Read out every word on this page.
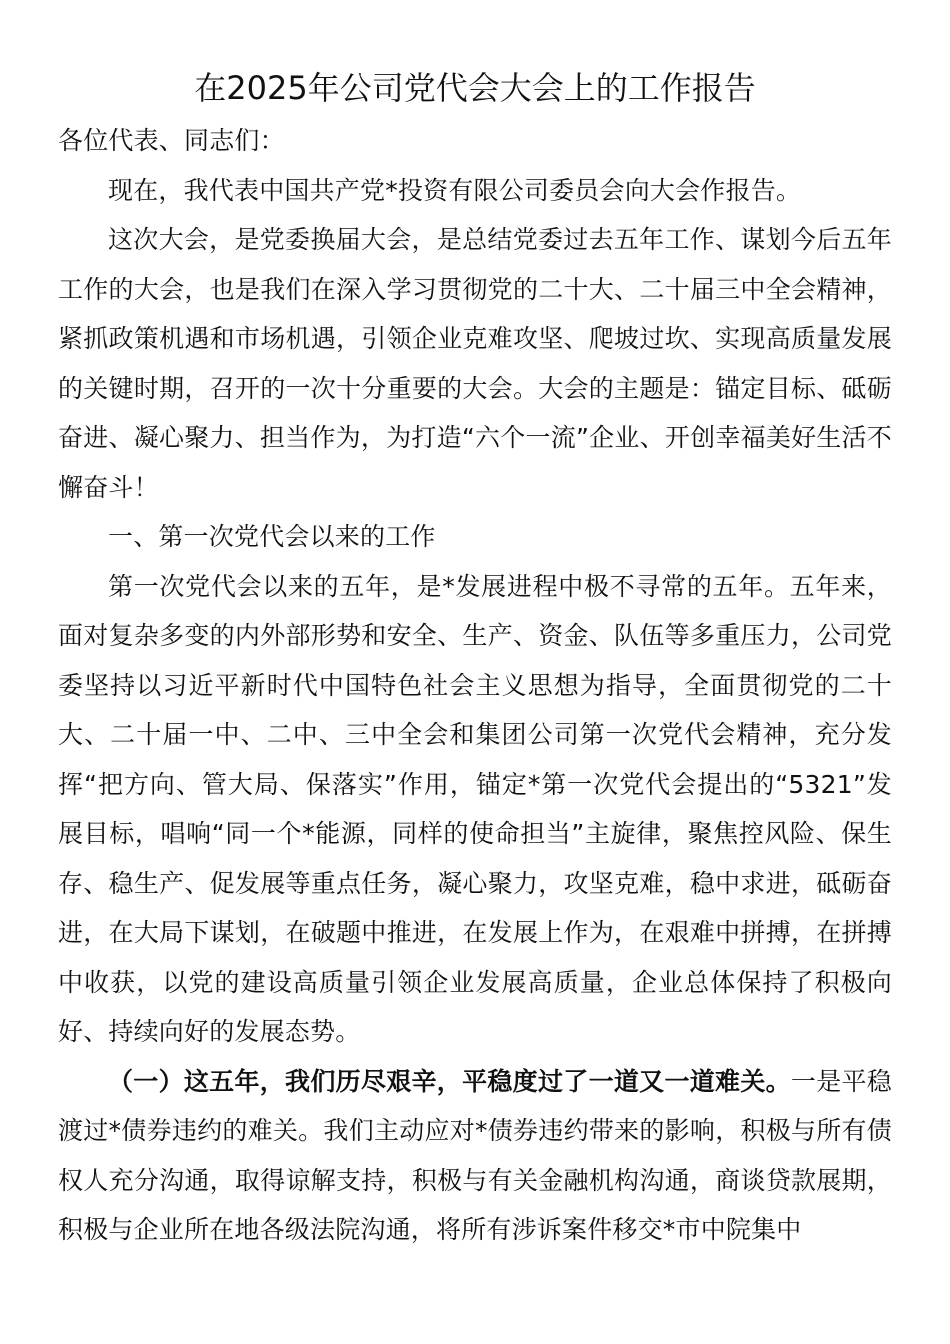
在2025年公司党代会大会上的工作报告

各位代表、同志们：

现在，我代表中国共产党*投资有限公司委员会向大会作报告。

这次大会，是党委换届大会，是总结党委过去五年工作、谋划今后五年工作的大会，也是我们在深入学习贯彻党的二十大、二十届三中全会精神，紧抓政策机遇和市场机遇，引领企业克难攻坚、爬坡过坎、实现高质量发展的关键时期，召开的一次十分重要的大会。大会的主题是：锚定目标、砥砺奋进、凝心聚力、担当作为，为打造“六个一流”企业、开创幸福美好生活不懈奋斗！

一、第一次党代会以来的工作

第一次党代会以来的五年，是*发展进程中极不寻常的五年。五年来，面对复杂多变的内外部形势和安全、生产、资金、队伍等多重压力，公司党委坚持以习近平新时代中国特色社会主义思想为指导，全面贯彻党的二十大、二十届一中、二中、三中全会和集团公司第一次党代会精神，充分发挥“把方向、管大局、保落实”作用，锚定*第一次党代会提出的“5321”发展目标，唱响“同一个*能源，同样的使命担当”主旋律，聚焦控风险、保生存、稳生产、促发展等重点任务，凝心聚力，攻坚克难，稳中求进，砥砺奋进，在大局下谋划，在破题中推进，在发展上作为，在艰难中拼搏，在拼搏中收获，以党的建设高质量引领企业发展高质量，企业总体保持了积极向好、持续向好的发展态势。

（一）这五年，我们历尽艰辛，平稳度过了一道又一道难关。一是平稳渡过*债券违约的难关。我们主动应对*债券违约带来的影响，积极与所有债权人充分沟通，取得谅解支持，积极与有关金融机构沟通，商谈贷款展期，积极与企业所在地各级法院沟通，将所有涉诉案件移交*市中院集中
